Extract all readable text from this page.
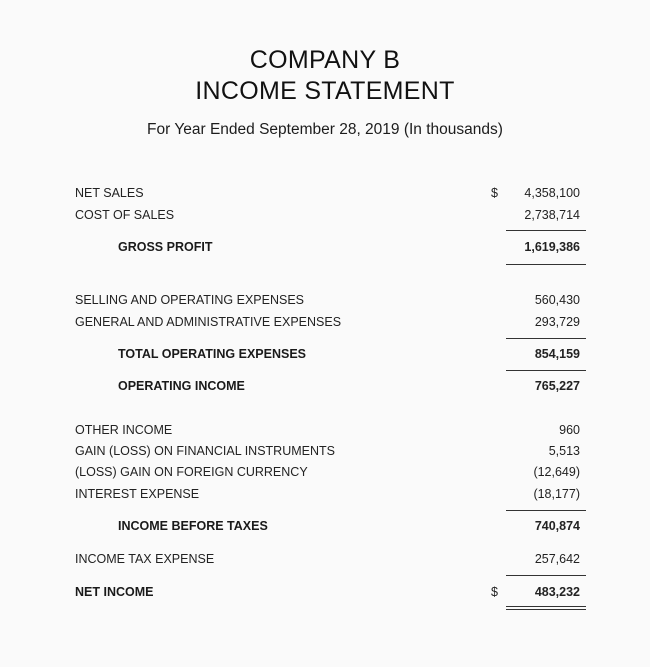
COMPANY B
INCOME STATEMENT
For Year Ended September 28, 2019 (In thousands)
NET SALES	$ 4,358,100
COST OF SALES	2,738,714
GROSS PROFIT	1,619,386
SELLING AND OPERATING EXPENSES	560,430
GENERAL AND ADMINISTRATIVE EXPENSES	293,729
TOTAL OPERATING EXPENSES	854,159
OPERATING INCOME	765,227
OTHER INCOME	960
GAIN (LOSS) ON FINANCIAL INSTRUMENTS	5,513
(LOSS) GAIN ON FOREIGN CURRENCY	(12,649)
INTEREST EXPENSE	(18,177)
INCOME BEFORE TAXES	740,874
INCOME TAX EXPENSE	257,642
NET INCOME	$	483,232
